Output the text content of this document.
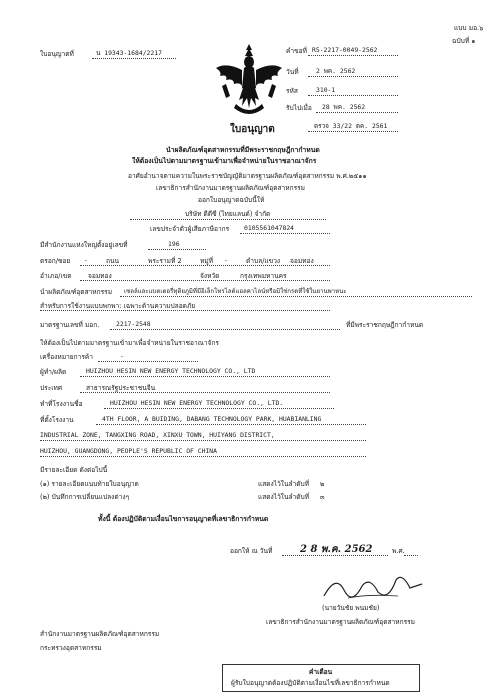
แบบ มอ.๖
ฉบับที่ ๑
ใบอนุญาตที่	น 19343-1684/2217	คำขอที่ R5-2217-0049-2562
วันที่	2 พค. 2562
รหัส	310-1
รับไปเมื่อ 28 พค. 2562
ตรวจ 33/22 ตค. 2561
ใบอนุญาต
นำผลิตภัณฑ์อุตสาหกรรมที่มีพระราชกฤษฎีกากำหนด
ให้ต้องเป็นไปตามมาตรฐานเข้ามาเพื่อจำหน่ายในราชอาณาจักร
อาศัยอำนาจตามความในพระราชบัญญัติมาตรฐานผลิตภัณฑ์อุตสาหกรรม พ.ศ.๒๕๑๑
เลขาธิการสำนักงานมาตรฐานผลิตภัณฑ์อุตสาหกรรม
ออกใบอนุญาตฉบับนี้ให้
บริษัท ดีดีซี (ไทยแลนด์) จำกัด
เลขประจำตัวผู้เสียภาษีอากร 0105561047824
มีสำนักงานแห่งใหญ่ตั้งอยู่เลขที่	196
ตรอก/ซอย -	ถนน	พระรามที่ 2	หมู่ที่ -	ตำบล/แขวง จอมทอง
อำเภอ/เขต	จอมทอง	จังหวัด	กรุงเทพมหานคร
นำผลิตภัณฑ์อุตสาหกรรม เซลล์และแบตเตอรี่ทุติยภูมิที่มีอิเล็กโทรไลต์แอลคาไลน์หรือมิใช่กรดที่ใช้ในยานพาหนะ
สำหรับการใช้งานแบบพกพา: เฉพาะด้านความปลอดภัย
มาตรฐานเลขที่ มอก.	2217-2548	ที่มีพระราชกฤษฎีกากำหนด
ให้ต้องเป็นไปตามมาตรฐานเข้ามาเพื่อจำหน่ายในราชอาณาจักร
เครื่องหมายการค้า	-
ผู้ทำ/ผลิต	HUIZHOU HESIN NEW ENERGY TECHNOLOGY CO., LTD
ประเทศ	สาธารณรัฐประชาชนจีน
ทำที่โรงงานชื่อ	HUIZHOU HESIN NEW ENERGY TECHNOLOGY CO., LTD.
ที่ตั้งโรงงาน	4TH FLOOR, A BUIDING, DABANG TECHNOLOGY PARK, HUABIANLING
INDUSTRIAL ZONE, TANGXING ROAD, XINXU TOWN, HUIYANG DISTRICT,
HUIZHOU, GUANGDONG, PEOPLE'S REPUBLIC OF CHINA
มีรายละเอียด ดังต่อไปนี้
(๑) รายละเอียดแนบท้ายใบอนุญาต	แสดงไว้ในลำดับที่ ๒
(๒) บันทึกการเปลี่ยนแปลงต่างๆ	แสดงไว้ในลำดับที่ ๓
ทั้งนี้ ต้องปฏิบัติตามเงื่อนไขการอนุญาตที่เลขาธิการกำหนด
ออกให้ ณ วันที่	2 8 พ.ค. 2562	พ.ศ.
(นายวันชัย พนมชัย)
เลขาธิการสำนักงานมาตรฐานผลิตภัณฑ์อุตสาหกรรม
สำนักงานมาตรฐานผลิตภัณฑ์อุตสาหกรรม
กระทรวงอุตสาหกรรม
คำเตือน
ผู้รับใบอนุญาตต้องปฏิบัติตามเงื่อนไขที่เลขาธิการกำหนด
